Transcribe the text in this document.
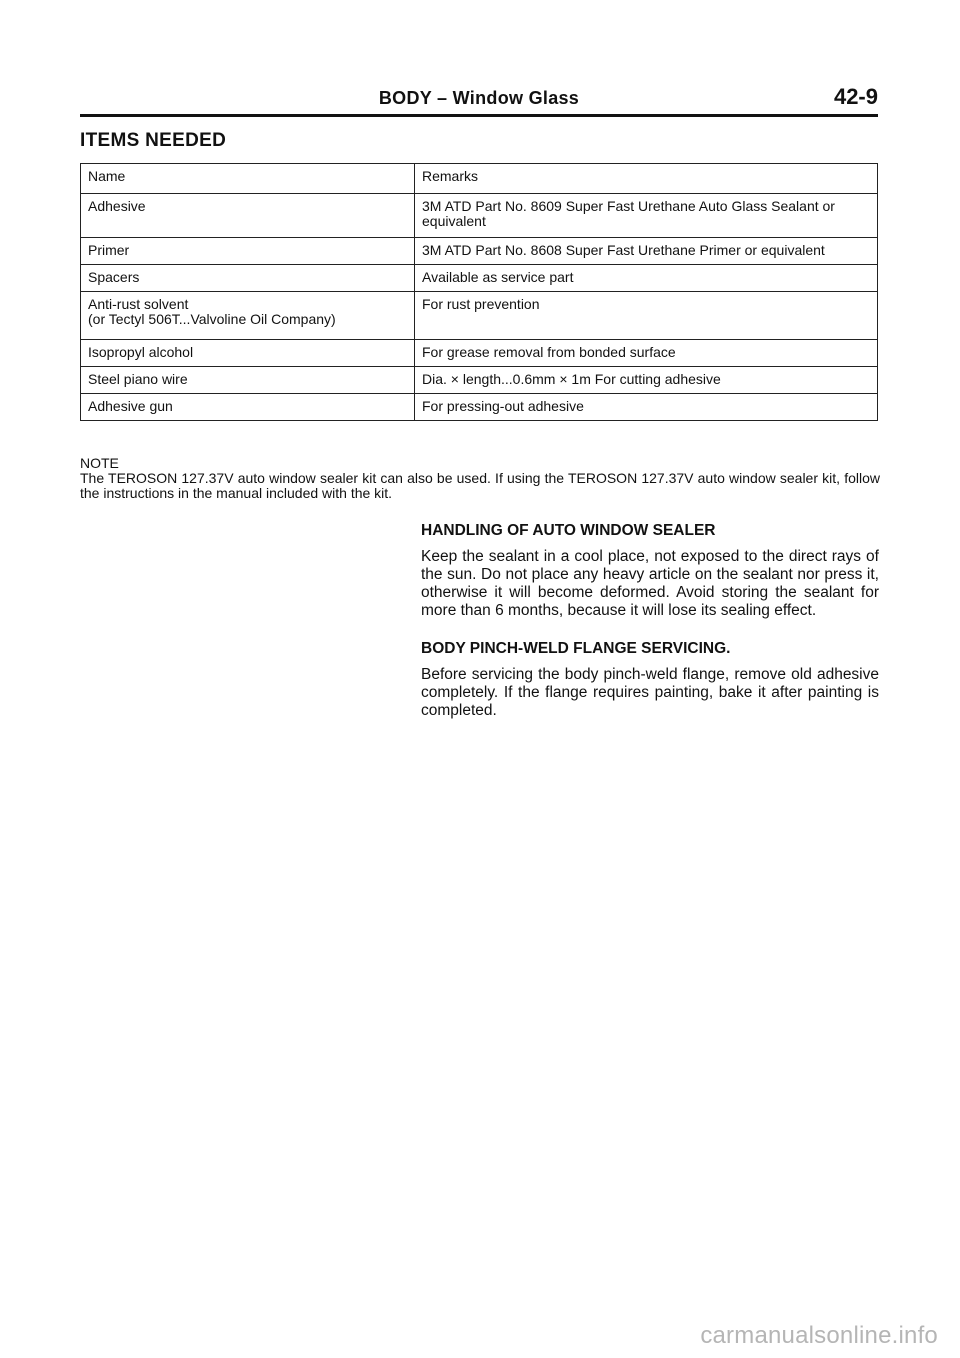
BODY – Window Glass	42-9
ITEMS NEEDED
Name	Remarks
Adhesive	3M ATD Part No. 8609 Super Fast Urethane Auto Glass Sealant or equivalent
Primer	3M ATD Part No. 8608 Super Fast Urethane Primer or equivalent
Spacers	Available as service part
Anti-rust solvent
(or Tectyl 506T...Valvoline Oil Company)	For rust prevention
Isopropyl alcohol	For grease removal from bonded surface
Steel piano wire	Dia. × length...0.6mm × 1m For cutting adhesive
Adhesive gun	For pressing-out adhesive
NOTE
The TEROSON 127.37V auto window sealer kit can also be used. If using the TEROSON 127.37V auto window sealer kit, follow the instructions in the manual included with the kit.
HANDLING OF AUTO WINDOW SEALER
Keep the sealant in a cool place, not exposed to the direct rays of the sun. Do not place any heavy article on the sealant nor press it, otherwise it will become deformed. Avoid storing the sealant for more than 6 months, because it will lose its sealing effect.
BODY PINCH-WELD FLANGE SERVICING.
Before servicing the body pinch-weld flange, remove old adhesive completely. If the flange requires painting, bake it after painting is completed.
carmanualsonline.info
